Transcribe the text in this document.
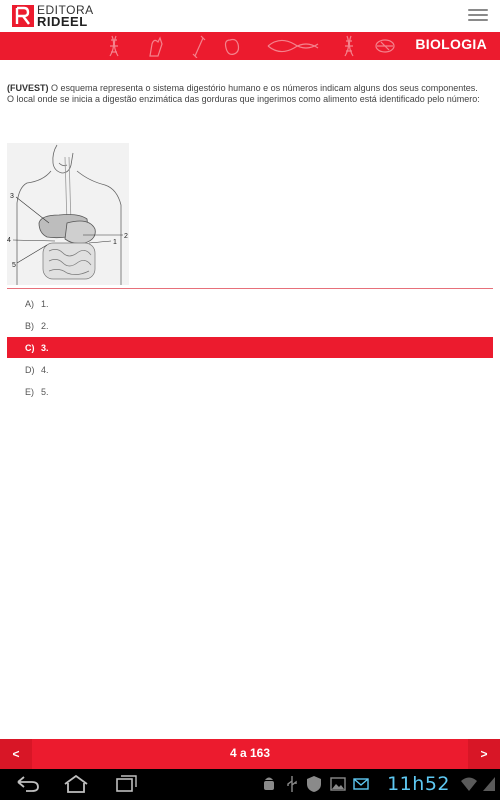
EDITORA
RIDEEL
BIOLOGIA
(FUVEST) O esquema representa o sistema digestório humano e os números indicam alguns dos seus componentes.
O local onde se inicia a digestão enzimática das gorduras que ingerimos como alimento está identificado pelo número:
3
4
5
2
1
A) 1.
B) 2.
C) 3.
D) 4.
E) 5.
<	4 a 163	>
11h52
